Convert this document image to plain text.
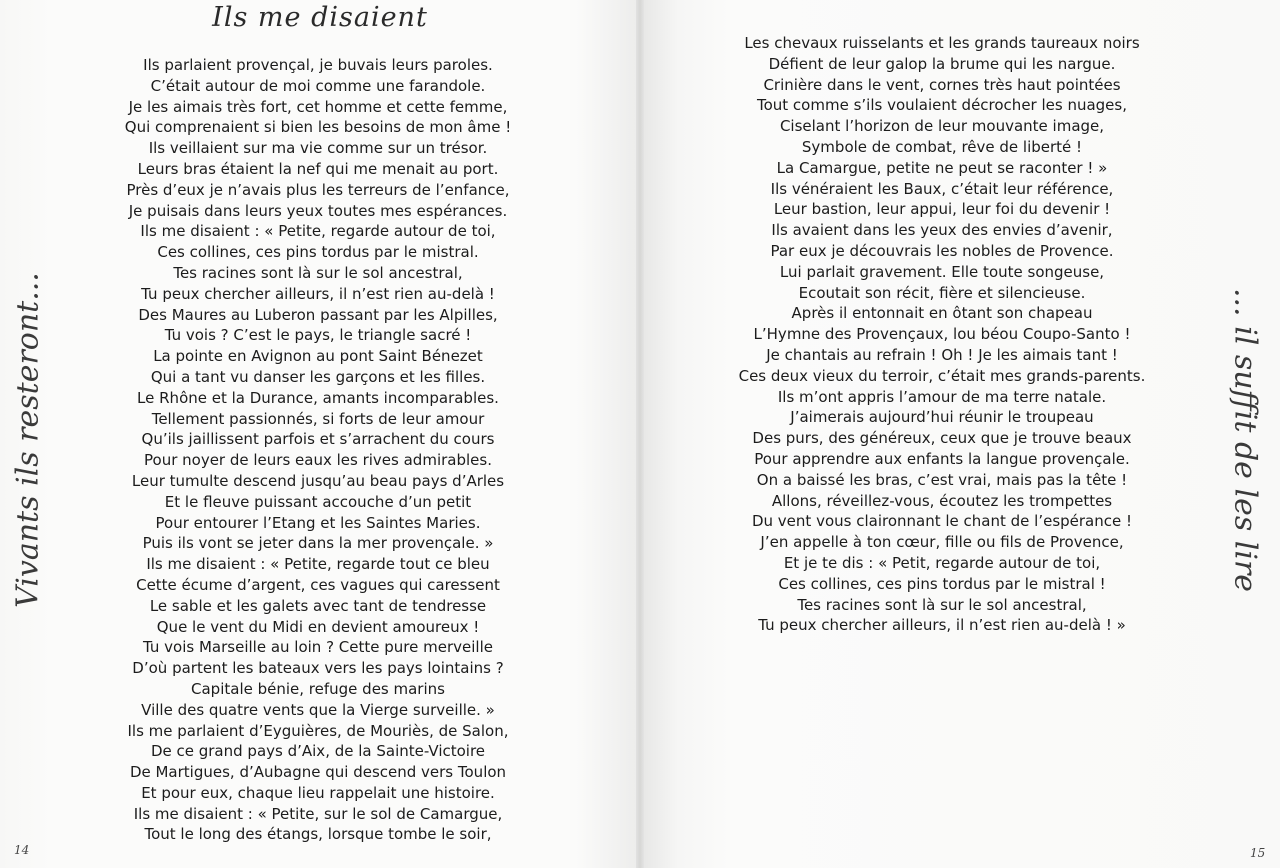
Ils me disaient
Ils parlaient provençal, je buvais leurs paroles.
C’était autour de moi comme une farandole.
Je les aimais très fort, cet homme et cette femme,
Qui comprenaient si bien les besoins de mon âme !
Ils veillaient sur ma vie comme sur un trésor.
Leurs bras étaient la nef qui me menait au port.
Près d’eux je n’avais plus les terreurs de l’enfance,
Je puisais dans leurs yeux toutes mes espérances.
Ils me disaient : « Petite, regarde autour de toi,
Ces collines, ces pins tordus par le mistral.
Tes racines sont là sur le sol ancestral,
Tu peux chercher ailleurs, il n’est rien au-delà !
Des Maures au Luberon passant par les Alpilles,
Tu vois ? C’est le pays, le triangle sacré !
La pointe en Avignon au pont Saint Bénezet
Qui a tant vu danser les garçons et les filles.
Le Rhône et la Durance, amants incomparables.
Tellement passionnés, si forts de leur amour
Qu’ils jaillissent parfois et s’arrachent du cours
Pour noyer de leurs eaux les rives admirables.
Leur tumulte descend jusqu’au beau pays d’Arles
Et le fleuve puissant accouche d’un petit
Pour entourer l’Etang et les Saintes Maries.
Puis ils vont se jeter dans la mer provençale. »
Ils me disaient : « Petite, regarde tout ce bleu
Cette écume d’argent, ces vagues qui caressent
Le sable et les galets avec tant de tendresse
Que le vent du Midi en devient amoureux !
Tu vois Marseille au loin ? Cette pure merveille
D’où partent les bateaux vers les pays lointains ?
Capitale bénie, refuge des marins
Ville des quatre vents que la Vierge surveille. »
Ils me parlaient d’Eyguières, de Mouriès, de Salon,
De ce grand pays d’Aix, de la Sainte-Victoire
De Martigues, d’Aubagne qui descend vers Toulon
Et pour eux, chaque lieu rappelait une histoire.
Ils me disaient : « Petite, sur le sol de Camargue,
Tout le long des étangs, lorsque tombe le soir,
Les chevaux ruisselants et les grands taureaux noirs
Défient de leur galop la brume qui les nargue.
Crinière dans le vent, cornes très haut pointées
Tout comme s’ils voulaient décrocher les nuages,
Ciselant l’horizon de leur mouvante image,
Symbole de combat, rêve de liberté !
La Camargue, petite ne peut se raconter ! »
Ils vénéraient les Baux, c’était leur référence,
Leur bastion, leur appui, leur foi du devenir !
Ils avaient dans les yeux des envies d’avenir,
Par eux je découvrais les nobles de Provence.
Lui parlait gravement. Elle toute songeuse,
Ecoutait son récit, fière et silencieuse.
Après il entonnait en ôtant son chapeau
L’Hymne des Provençaux, lou béou Coupo-Santo !
Je chantais au refrain ! Oh ! Je les aimais tant !
Ces deux vieux du terroir, c’était mes grands-parents.
Ils m’ont appris l’amour de ma terre natale.
J’aimerais aujourd’hui réunir le troupeau
Des purs, des généreux, ceux que je trouve beaux
Pour apprendre aux enfants la langue provençale.
On a baissé les bras, c’est vrai, mais pas la tête !
Allons, réveillez-vous, écoutez les trompettes
Du vent vous claironnant le chant de l’espérance !
J’en appelle à ton cœur, fille ou fils de Provence,
Et je te dis : « Petit, regarde autour de toi,
Ces collines, ces pins tordus par le mistral !
Tes racines sont là sur le sol ancestral,
Tu peux chercher ailleurs, il n’est rien au-delà ! »
Vivants ils resteront...	... il suffit de les lire
14	15
